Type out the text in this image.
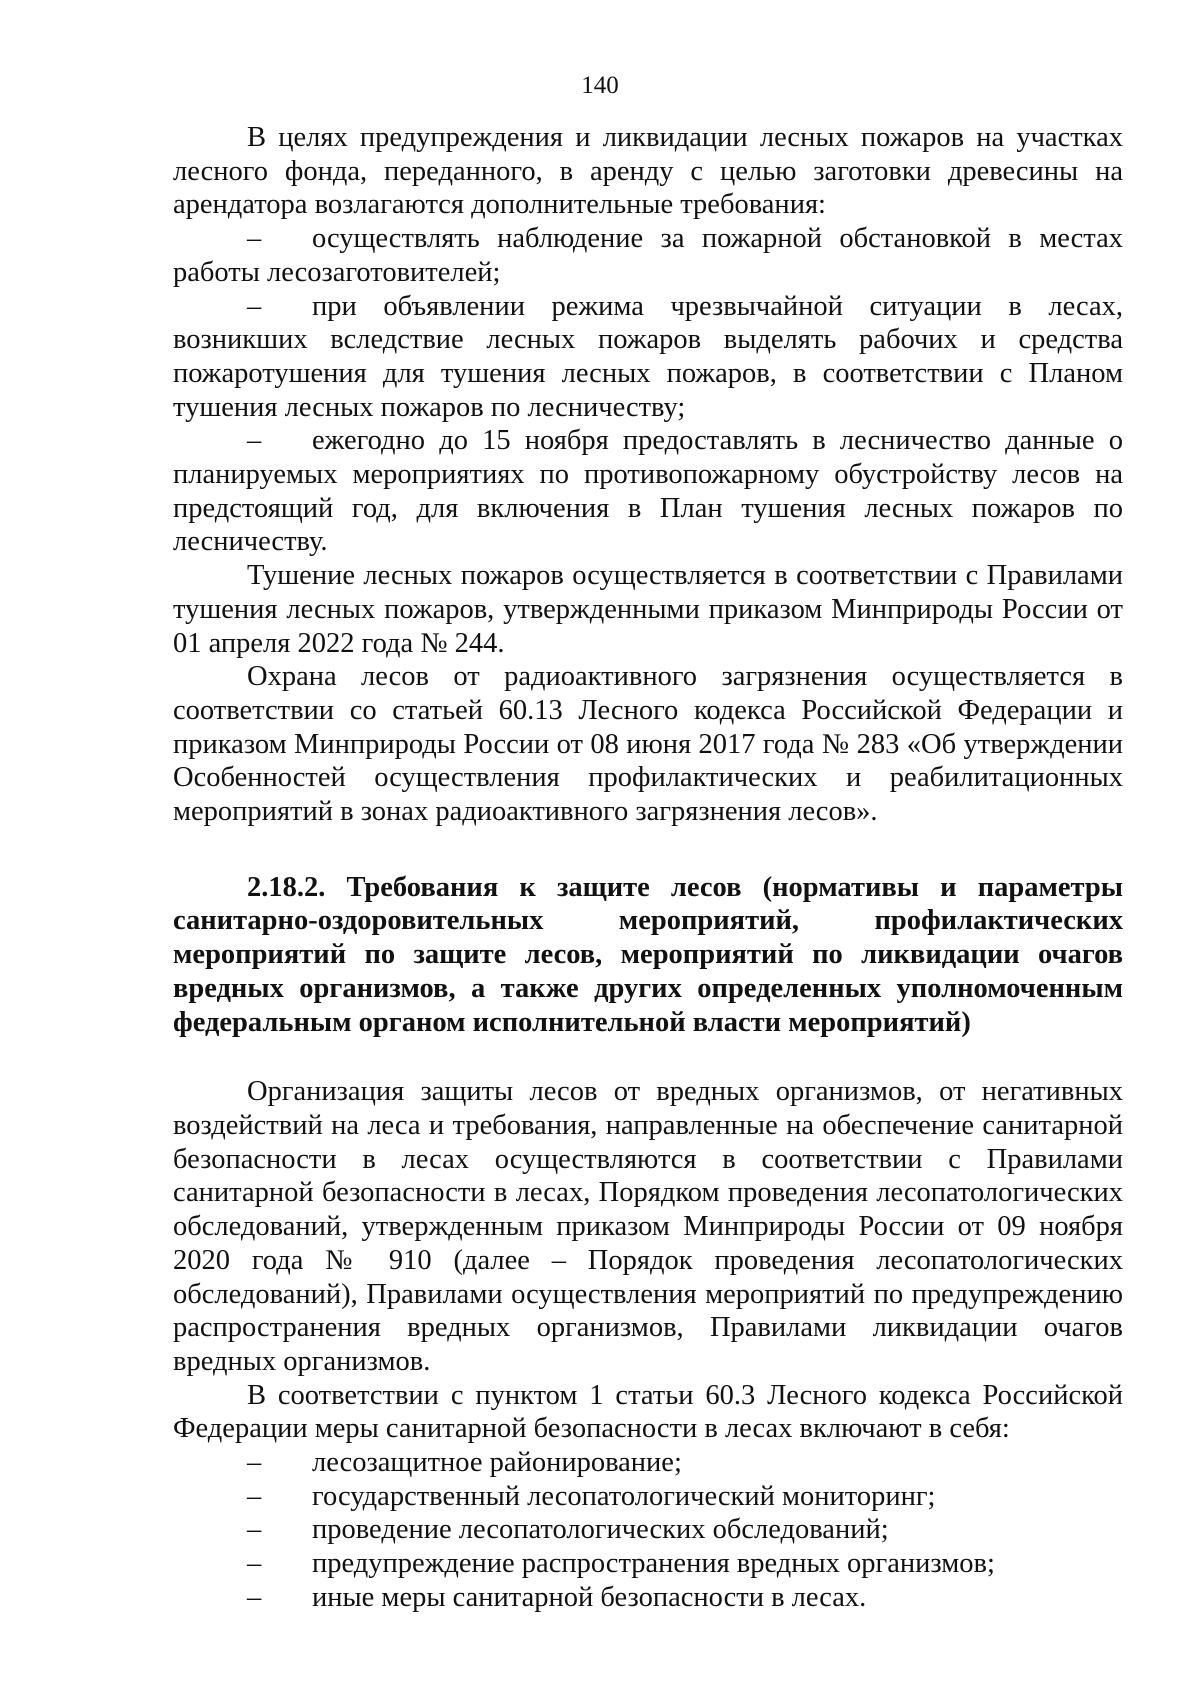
140

В целях предупреждения и ликвидации лесных пожаров на участках лесного фонда, переданного, в аренду с целью заготовки древесины на арендатора возлагаются дополнительные требования:

– осуществлять наблюдение за пожарной обстановкой в местах работы лесозаготовителей;

– при объявлении режима чрезвычайной ситуации в лесах, возникших вследствие лесных пожаров выделять рабочих и средства пожаротушения для тушения лесных пожаров, в соответствии с Планом тушения лесных пожаров по лесничеству;

– ежегодно до 15 ноября предоставлять в лесничество данные о планируемых мероприятиях по противопожарному обустройству лесов на предстоящий год, для включения в План тушения лесных пожаров по лесничеству.

Тушение лесных пожаров осуществляется в соответствии с Правилами тушения лесных пожаров, утвержденными приказом Минприроды России от 01 апреля 2022 года № 244.

Охрана лесов от радиоактивного загрязнения осуществляется в соответствии со статьей 60.13 Лесного кодекса Российской Федерации и приказом Минприроды России от 08 июня 2017 года № 283 «Об утверждении Особенностей осуществления профилактических и реабилитационных мероприятий в зонах радиоактивного загрязнения лесов».

2.18.2. Требования к защите лесов (нормативы и параметры санитарно-оздоровительных мероприятий, профилактических мероприятий по защите лесов, мероприятий по ликвидации очагов вредных организмов, а также других определенных уполномоченным федеральным органом исполнительной власти мероприятий)

Организация защиты лесов от вредных организмов, от негативных воздействий на леса и требования, направленные на обеспечение санитарной безопасности в лесах осуществляются в соответствии с Правилами санитарной безопасности в лесах, Порядком проведения лесопатологических обследований, утвержденным приказом Минприроды России от 09 ноября 2020 года № 910 (далее – Порядок проведения лесопатологических обследований), Правилами осуществления мероприятий по предупреждению распространения вредных организмов, Правилами ликвидации очагов вредных организмов.

В соответствии с пунктом 1 статьи 60.3 Лесного кодекса Российской Федерации меры санитарной безопасности в лесах включают в себя:

– лесозащитное районирование;
– государственный лесопатологический мониторинг;
– проведение лесопатологических обследований;
– предупреждение распространения вредных организмов;
– иные меры санитарной безопасности в лесах.
